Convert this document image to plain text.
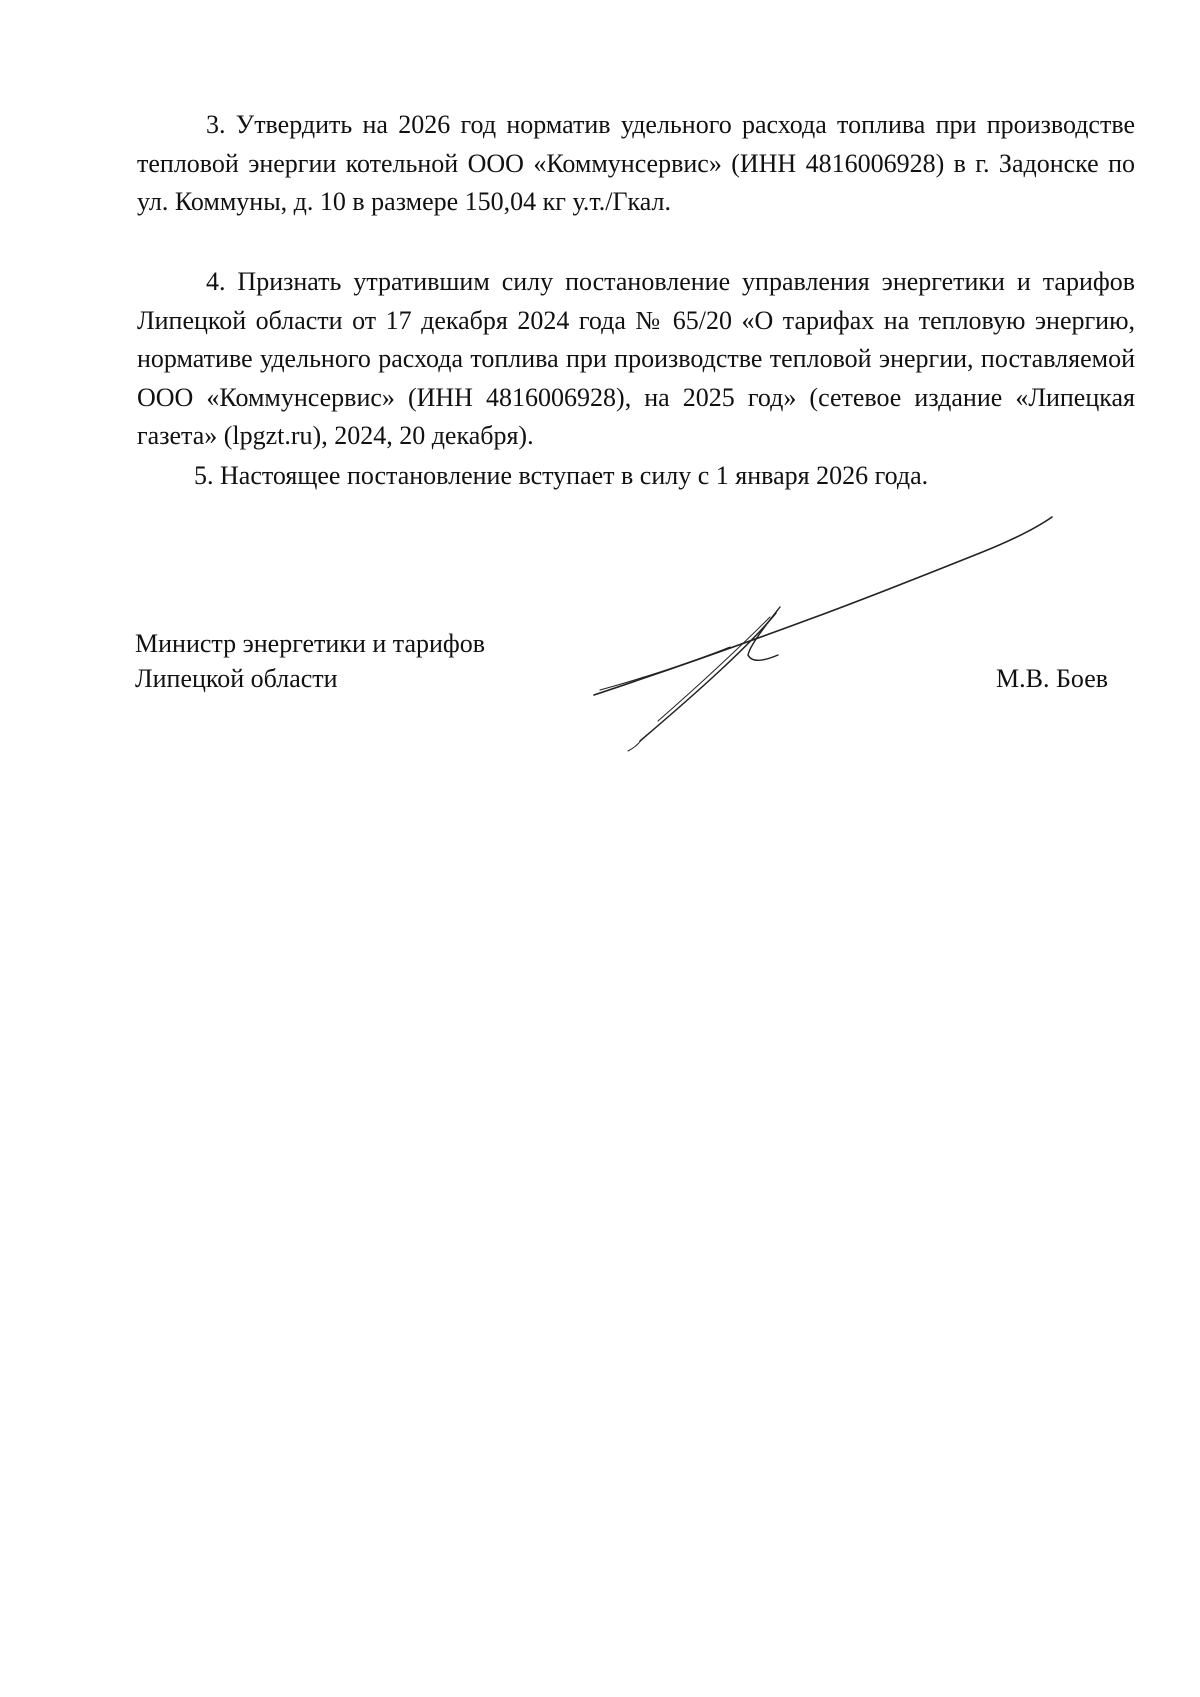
3. Утвердить на 2026 год норматив удельного расхода топлива при производстве тепловой энергии котельной ООО «Коммунсервис» (ИНН 4816006928) в г. Задонске по ул. Коммуны, д. 10 в размере 150,04 кг у.т./Гкал.

4. Признать утратившим силу постановление управления энергетики и тарифов Липецкой области от 17 декабря 2024 года № 65/20 «О тарифах на тепловую энергию, нормативе удельного расхода топлива при производстве тепловой энергии, поставляемой ООО «Коммунсервис» (ИНН 4816006928), на 2025 год» (сетевое издание «Липецкая газета» (lpgzt.ru), 2024, 20 декабря).

5. Настоящее постановление вступает в силу с 1 января 2026 года.

Министр энергетики и тарифов
Липецкой области	М.В. Боев
